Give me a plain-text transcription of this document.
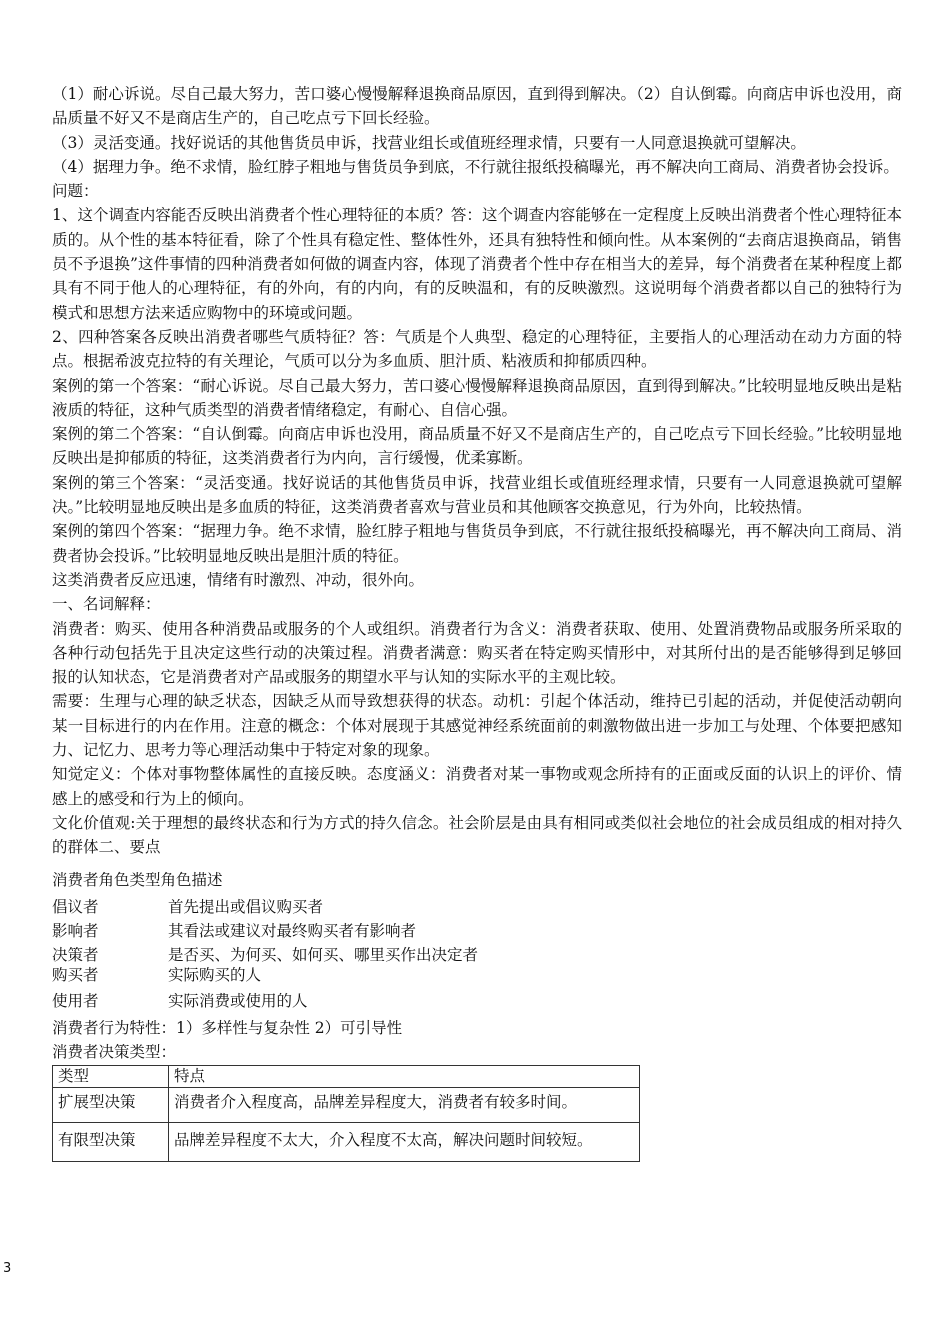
（1）耐心诉说。尽自己最大努力，苦口婆心慢慢解释退换商品原因，直到得到解决。（2）自认倒霉。向商店申诉也没用，商品质量不好又不是商店生产的，自己吃点亏下回长经验。

（3）灵活变通。找好说话的其他售货员申诉，找营业组长或值班经理求情，只要有一人同意退换就可望解决。

（4）据理力争。绝不求情，脸红脖子粗地与售货员争到底，不行就往报纸投稿曝光，再不解决向工商局、消费者协会投诉。

问题：

1、这个调查内容能否反映出消费者个性心理特征的本质？答：这个调查内容能够在一定程度上反映出消费者个性心理特征本质的。从个性的基本特征看，除了个性具有稳定性、整体性外，还具有独特性和倾向性。从本案例的“去商店退换商品，销售员不予退换”这件事情的四种消费者如何做的调查内容，体现了消费者个性中存在相当大的差异，每个消费者在某种程度上都具有不同于他人的心理特征，有的外向，有的内向，有的反映温和，有的反映激烈。这说明每个消费者都以自己的独特行为模式和思想方法来适应购物中的环境或问题。

2、四种答案各反映出消费者哪些气质特征？答：气质是个人典型、稳定的心理特征，主要指人的心理活动在动力方面的特点。根据希波克拉特的有关理论，气质可以分为多血质、胆汁质、粘液质和抑郁质四种。

案例的第一个答案：“耐心诉说。尽自己最大努力，苦口婆心慢慢解释退换商品原因，直到得到解决。”比较明显地反映出是粘液质的特征，这种气质类型的消费者情绪稳定，有耐心、自信心强。

案例的第二个答案：“自认倒霉。向商店申诉也没用，商品质量不好又不是商店生产的，自己吃点亏下回长经验。”比较明显地反映出是抑郁质的特征，这类消费者行为内向，言行缓慢，优柔寡断。

案例的第三个答案：“灵活变通。找好说话的其他售货员申诉，找营业组长或值班经理求情，只要有一人同意退换就可望解决。”比较明显地反映出是多血质的特征，这类消费者喜欢与营业员和其他顾客交换意见，行为外向，比较热情。

案例的第四个答案：“据理力争。绝不求情，脸红脖子粗地与售货员争到底，不行就往报纸投稿曝光，再不解决向工商局、消费者协会投诉。”比较明显地反映出是胆汁质的特征。

这类消费者反应迅速，情绪有时激烈、冲动，很外向。

一、名词解释：

消费者：购买、使用各种消费品或服务的个人或组织。消费者行为含义：消费者获取、使用、处置消费物品或服务所采取的各种行动包括先于且决定这些行动的决策过程。消费者满意：购买者在特定购买情形中，对其所付出的是否能够得到足够回报的认知状态，它是消费者对产品或服务的期望水平与认知的实际水平的主观比较。

需要：生理与心理的缺乏状态，因缺乏从而导致想获得的状态。动机：引起个体活动，维持已引起的活动，并促使活动朝向某一目标进行的内在作用。注意的概念：个体对展现于其感觉神经系统面前的刺激物做出进一步加工与处理、个体要把感知力、记忆力、思考力等心理活动集中于特定对象的现象。

知觉定义：个体对事物整体属性的直接反映。态度涵义：消费者对某一事物或观念所持有的正面或反面的认识上的评价、情感上的感受和行为上的倾向。

文化价值观:关于理想的最终状态和行为方式的持久信念。社会阶层是由具有相同或类似社会地位的社会成员组成的相对持久的群体二、要点

消费者角色类型角色描述

倡议者	首先提出或倡议购买者
影响者	其看法或建议对最终购买者有影响者
决策者	是否买、为何买、如何买、哪里买作出决定者
购买者	实际购买的人
使用者	实际消费或使用的人

消费者行为特性：1）多样性与复杂性 2）可引导性

消费者决策类型：

类型	特点
扩展型决策	消费者介入程度高，品牌差异程度大，消费者有较多时间。
有限型决策	品牌差异程度不太大，介入程度不太高，解决问题时间较短。
3
